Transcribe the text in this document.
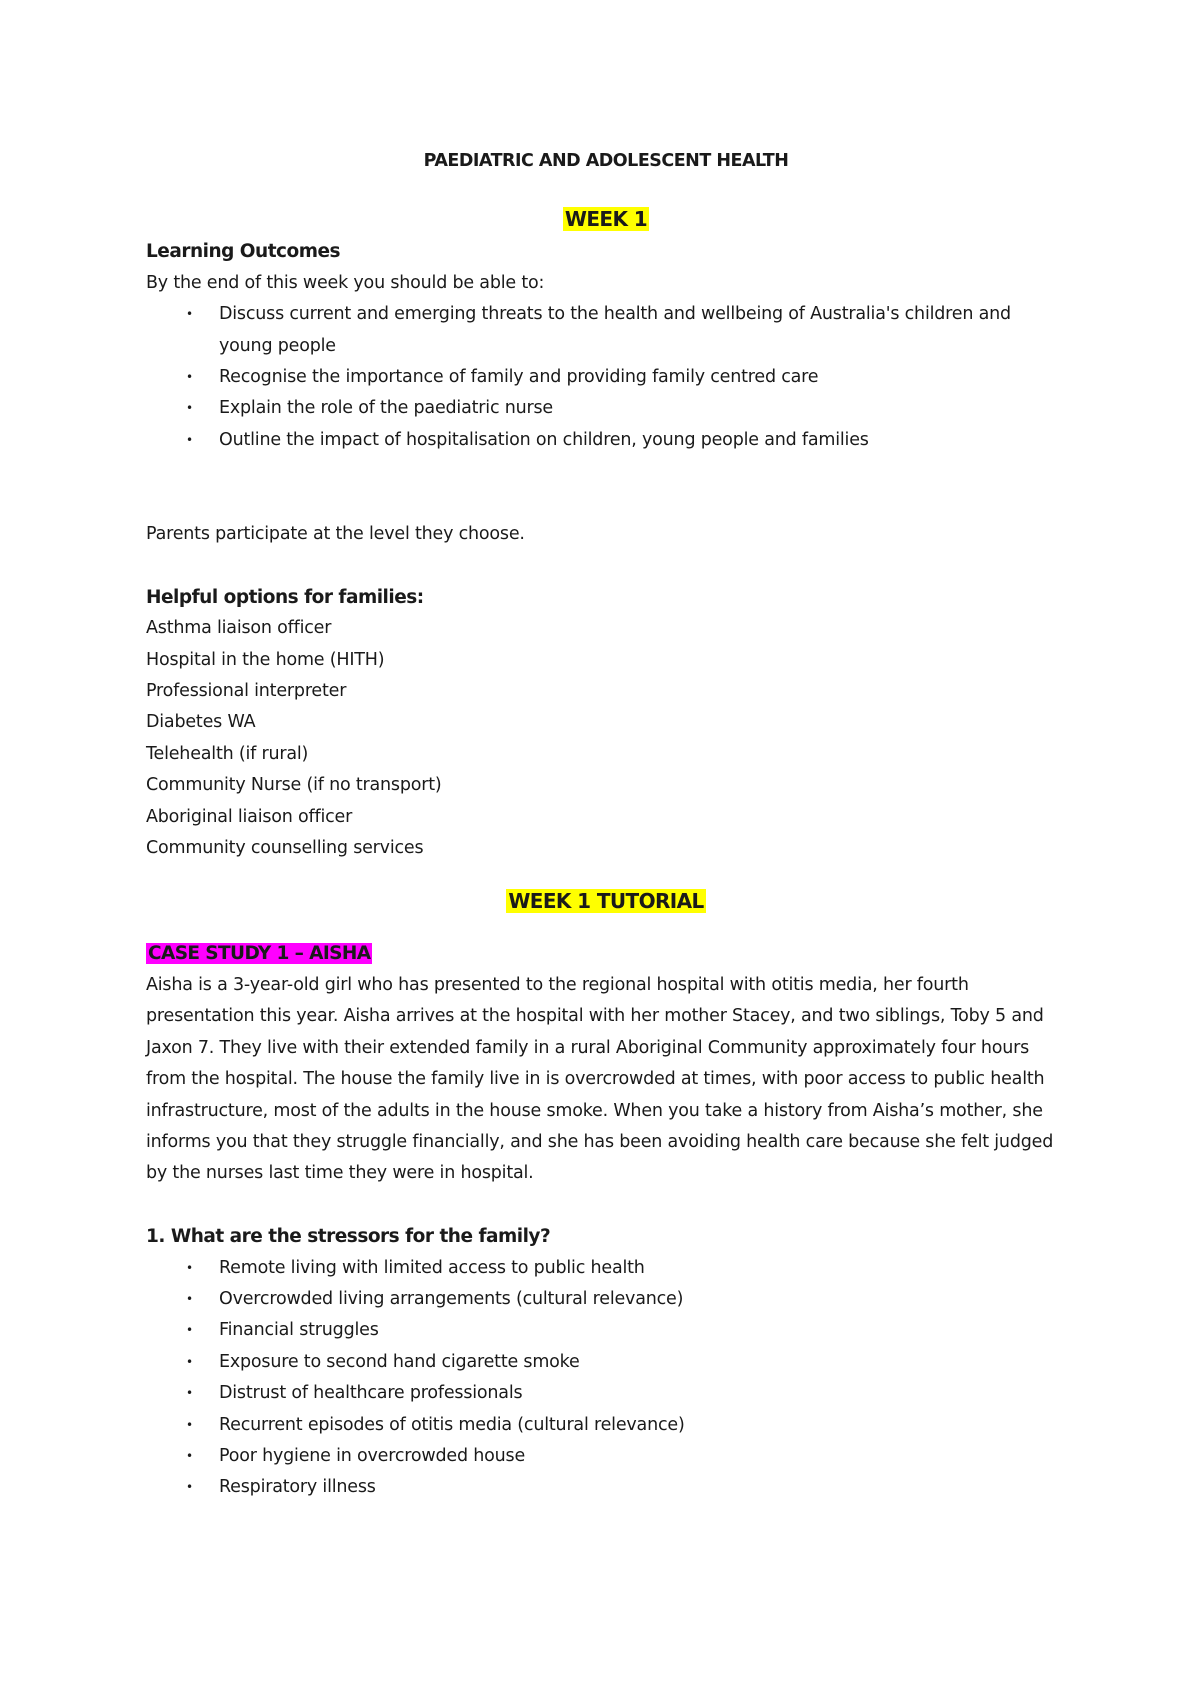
PAEDIATRIC AND ADOLESCENT HEALTH

WEEK 1

Learning Outcomes

By the end of this week you should be able to:

• Discuss current and emerging threats to the health and wellbeing of Australia's children and young people
• Recognise the importance of family and providing family centred care
• Explain the role of the paediatric nurse
• Outline the impact of hospitalisation on children, young people and families

Parents participate at the level they choose.

Helpful options for families:

Asthma liaison officer

Hospital in the home (HITH)

Professional interpreter

Diabetes WA

Telehealth (if rural)

Community Nurse (if no transport)

Aboriginal liaison officer

Community counselling services

WEEK 1 TUTORIAL

CASE STUDY 1 – AISHA

Aisha is a 3-year-old girl who has presented to the regional hospital with otitis media, her fourth presentation this year. Aisha arrives at the hospital with her mother Stacey, and two siblings, Toby 5 and Jaxon 7. They live with their extended family in a rural Aboriginal Community approximately four hours from the hospital. The house the family live in is overcrowded at times, with poor access to public health infrastructure, most of the adults in the house smoke. When you take a history from Aisha’s mother, she informs you that they struggle financially, and she has been avoiding health care because she felt judged by the nurses last time they were in hospital.

1. What are the stressors for the family?

• Remote living with limited access to public health
• Overcrowded living arrangements (cultural relevance)
• Financial struggles
• Exposure to second hand cigarette smoke
• Distrust of healthcare professionals
• Recurrent episodes of otitis media (cultural relevance)
• Poor hygiene in overcrowded house
• Respiratory illness
